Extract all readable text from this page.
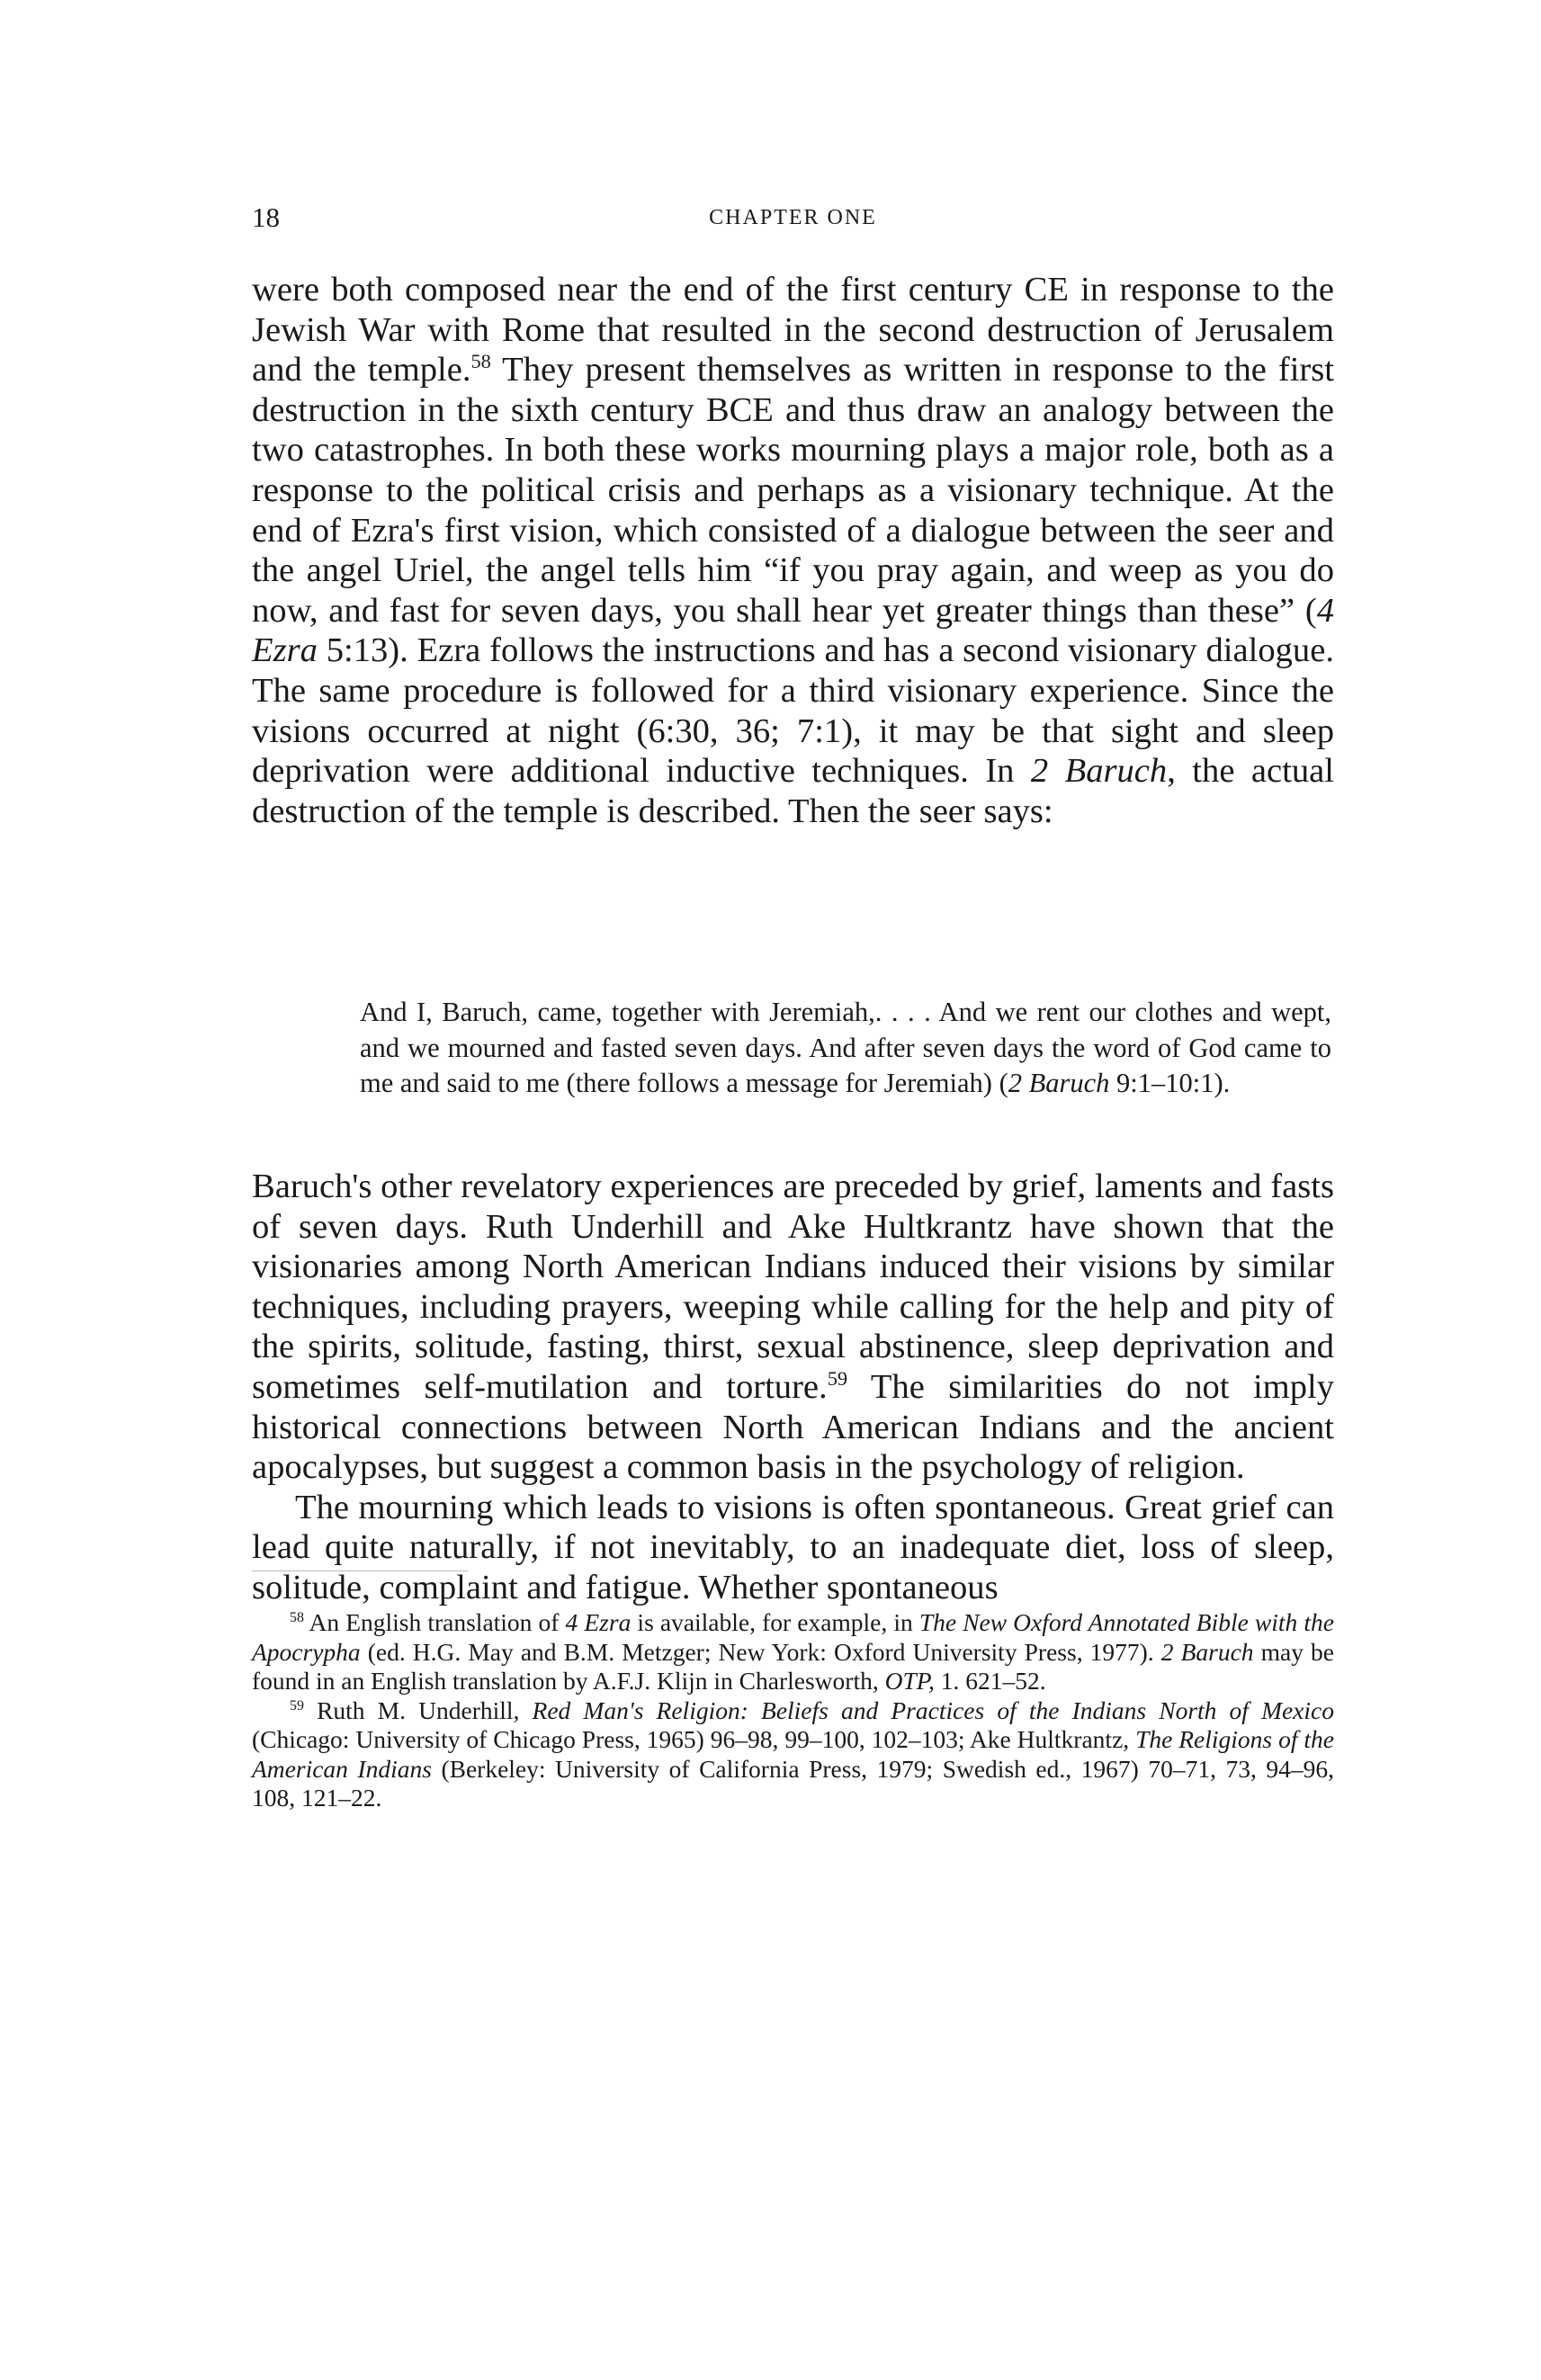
18	CHAPTER ONE

were both composed near the end of the first century CE in response to the Jewish War with Rome that resulted in the second destruction of Jerusalem and the temple.$^{58}$ They present themselves as written in response to the first destruction in the sixth century BCE and thus draw an analogy between the two catastrophes. In both these works mourning plays a major role, both as a response to the political crisis and perhaps as a visionary technique. At the end of Ezra's first vision, which consisted of a dialogue between the seer and the angel Uriel, the angel tells him “if you pray again, and weep as you do now, and fast for seven days, you shall hear yet greater things than these” (4 Ezra 5:13). Ezra follows the instructions and has a second visionary dialogue. The same procedure is followed for a third visionary experience. Since the visions occurred at night (6:30, 36; 7:1), it may be that sight and sleep deprivation were additional inductive techniques. In 2 Baruch, the actual destruction of the temple is described. Then the seer says:

And I, Baruch, came, together with Jeremiah,. . . . And we rent our clothes and wept, and we mourned and fasted seven days. And after seven days the word of God came to me and said to me (there follows a message for Jeremiah) (2 Baruch 9:1–10:1).

Baruch's other revelatory experiences are preceded by grief, laments and fasts of seven days. Ruth Underhill and Ake Hultkrantz have shown that the visionaries among North American Indians induced their visions by similar techniques, including prayers, weeping while calling for the help and pity of the spirits, solitude, fasting, thirst, sexual abstinence, sleep deprivation and sometimes self-mutilation and torture.$^{59}$ The similarities do not imply historical connections between North American Indians and the ancient apocalypses, but suggest a common basis in the psychology of religion.

The mourning which leads to visions is often spontaneous. Great grief can lead quite naturally, if not inevitably, to an inadequate diet, loss of sleep, solitude, complaint and fatigue. Whether spontaneous

$^{58}$ An English translation of 4 Ezra is available, for example, in The New Oxford Annotated Bible with the Apocrypha (ed. H.G. May and B.M. Metzger; New York: Oxford University Press, 1977). 2 Baruch may be found in an English translation by A.F.J. Klijn in Charlesworth, OTP, 1. 621–52.

$^{59}$ Ruth M. Underhill, Red Man's Religion: Beliefs and Practices of the Indians North of Mexico (Chicago: University of Chicago Press, 1965) 96–98, 99–100, 102–103; Ake Hultkrantz, The Religions of the American Indians (Berkeley: University of California Press, 1979; Swedish ed., 1967) 70–71, 73, 94–96, 108, 121–22.
